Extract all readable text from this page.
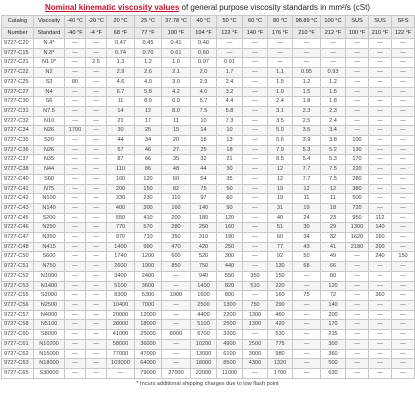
Nominal kinematic viscosity values of general purpose viscosity standards in mm²/s (cSt)
Catalog	Viscosity	-40 °C	-20 °C	20 °C	25 °C	37.78 °C	40 °C	50 °C	60 °C	80 °C	98.89 °C	100 °C	SUS	SUS	SFS
Number	Standard	-40 °F	-4 °F	68 °F	77 °F	100 °F	104 °F	122 °F	140 °F	176 °F	210 °F	212 °F	100 °F	210 °F	122 °F
9727-C20	N.4*	—	—	0.47	0.45	0.41	0.40	—	—	—	—	—	—	—	—
9727-C15	N.8*	—	—	0.74	0.70	0.61	0.60	—	—	—	—	—	—	—	—
9727-C21	N1.0*	—	2.5	1.3	1.2	1.0	0.97	0.91	—	—	—	—	—	—	—
9727-C22	N2	—	—	2.9	2.6	2.1	2.0	1.7	—	1.1	0.95	0.93	—	—	—
9727-C25	S3	80	—	4.6	4.0	3.0	2.9	2.4	—	1.5	1.2	1.2	—	—	—
9727-C27	N4	—	—	6.7	5.8	4.2	4.0	3.2	—	1.9	1.5	1.5	—	—	—
9727-C30	S6	—	—	11	8.9	6.0	5.7	4.4	—	2.4	1.8	1.8	—	—	—
9727-C31	N7.5	—	—	14	12	8.0	7.5	5.8	—	3.1	2.3	2.3	—	—	—
9727-C32	N10	—	—	21	17	11	10	7.3	—	3.5	2.5	2.4	—	—	—
9727-C34	N26	1700	—	30	25	15	14	10	—	5.0	3.5	3.4	—	—	—
9727-C35	S20	—	—	44	34	20	18	13	—	5.6	3.9	3.8	100	—	—
9727-C36	N26	—	—	57	46	27	25	18	—	7.9	5.3	5.2	130	—	—
9727-C37	N35	—	—	87	66	35	32	21	—	8.5	5.4	5.3	170	—	—
9727-C38	N44	—	—	110	86	48	44	30	—	12	7.7	7.5	220	—	—
9727-C40	S60	—	—	160	120	60	54	35	—	12	7.7	7.5	280	—	—
9727-C41	N75	—	—	200	150	82	75	50	—	19	12	12	380	—	—
9727-C42	N100	—	—	330	230	110	97	60	—	19	11	11	500	—	—
9727-C43	N140	—	—	400	300	160	140	90	—	31	19	18	720	—	—
9727-C45	S200	—	—	550	410	200	180	120	—	40	24	23	950	112	—
9727-C46	N250	—	—	770	570	280	250	160	—	51	30	29	1300	140	—
9727-C47	N350	—	—	970	710	350	310	190	—	60	34	32	1620	160	—
9727-C48	N415	—	—	1400	990	470	420	250	—	77	43	41	2180	200	—
9727-C50	S600	—	—	1740	1200	600	520	300	—	92	50	49	—	240	150
9727-C51	N750	—	—	2600	1900	850	750	440	—	130	68	66	—	—	—
9727-C52	N1000	—	—	3400	2400	—	940	550	350	150	—	80	—	—	—
9727-C53	N1400	—	—	5100	3600	—	1400	820	510	220	—	120	—	—	—
9727-C55	S2000	—	—	8300	5300	1900	1600	800	—	160	75	72	—	360	—
9727-C56	N2500	—	—	10400	7000	—	2500	1300	750	290	—	140	—	—	—
9727-C57	N4000	—	—	20000	12000	—	4400	2200	1300	460	—	200	—	—	—
9727-C58	N5100	—	—	28000	18000	—	5100	2500	1300	420	—	170	—	—	—
9727-C60	S8000	—	—	41000	25000	8000	6700	3200	—	530	—	215	—	—	—
9727-C61	N10200	—	—	58000	36000	—	10200	4900	2500	775	—	300	—	—	—
9727-C62	N15000	—	—	77000	47000	—	13000	6100	3000	980	—	360	—	—	—
9727-C63	N18000	—	—	103000	64000	—	18000	8500	4300	1320	—	500	—	—	—
9727-C65	S30000	—	—	—	79000	27000	22000	11000	—	1700	—	630	—	—	—
* Incurs additional shipping charges due to low flash point
